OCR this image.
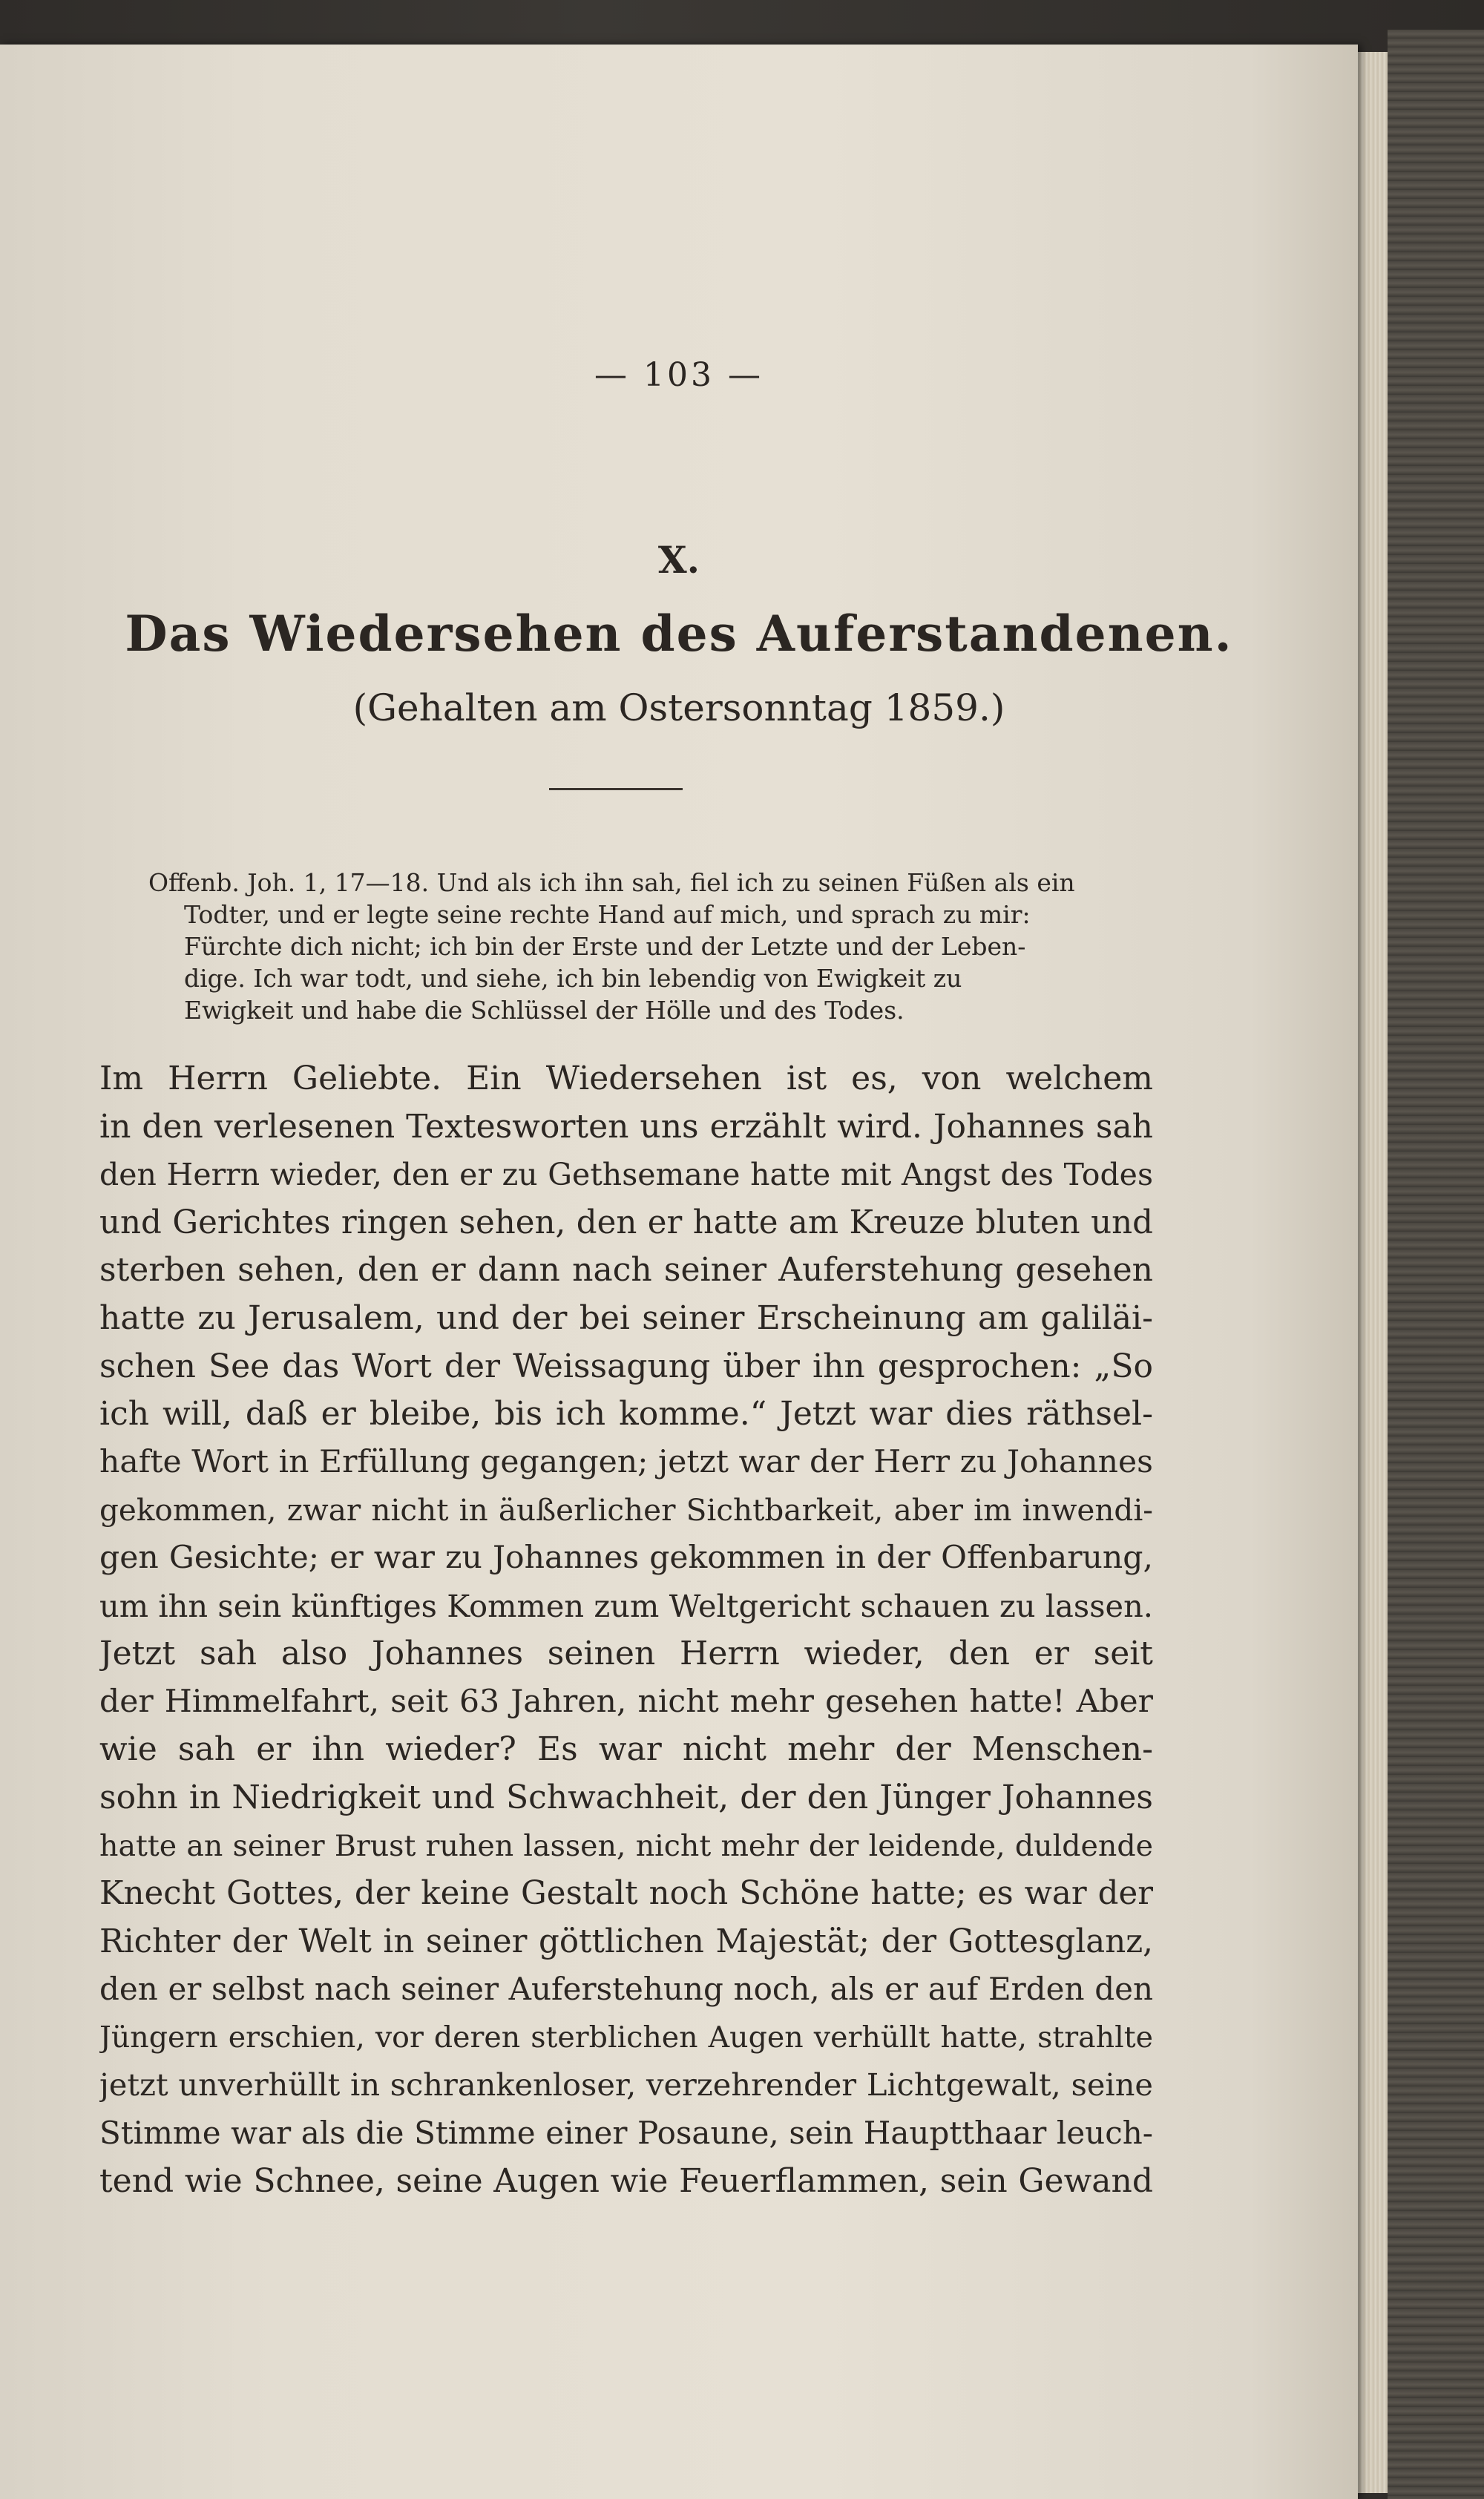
— 103 —
X.
Das Wiedersehen des Auferstandenen.
(Gehalten am Ostersonntag 1859.)
Offenb. Joh. 1, 17—18. Und als ich ihn sah, fiel ich zu seinen Füßen als ein
Todter, und er legte seine rechte Hand auf mich, und sprach zu mir:
Fürchte dich nicht; ich bin der Erste und der Letzte und der Leben-
dige. Ich war todt, und siehe, ich bin lebendig von Ewigkeit zu
Ewigkeit und habe die Schlüssel der Hölle und des Todes.
Im Herrn Geliebte. Ein Wiedersehen ist es, von welchem
in den verlesenen Textesworten uns erzählt wird. Johannes sah
den Herrn wieder, den er zu Gethsemane hatte mit Angst des Todes
und Gerichtes ringen sehen, den er hatte am Kreuze bluten und
sterben sehen, den er dann nach seiner Auferstehung gesehen
hatte zu Jerusalem, und der bei seiner Erscheinung am galiläi-
schen See das Wort der Weissagung über ihn gesprochen: „So
ich will, daß er bleibe, bis ich komme.“ Jetzt war dies räthsel-
hafte Wort in Erfüllung gegangen; jetzt war der Herr zu Johannes
gekommen, zwar nicht in äußerlicher Sichtbarkeit, aber im inwendi-
gen Gesichte; er war zu Johannes gekommen in der Offenbarung,
um ihn sein künftiges Kommen zum Weltgericht schauen zu lassen.
Jetzt sah also Johannes seinen Herrn wieder, den er seit
der Himmelfahrt, seit 63 Jahren, nicht mehr gesehen hatte! Aber
wie sah er ihn wieder? Es war nicht mehr der Menschen-
sohn in Niedrigkeit und Schwachheit, der den Jünger Johannes
hatte an seiner Brust ruhen lassen, nicht mehr der leidende, duldende
Knecht Gottes, der keine Gestalt noch Schöne hatte; es war der
Richter der Welt in seiner göttlichen Majestät; der Gottesglanz,
den er selbst nach seiner Auferstehung noch, als er auf Erden den
Jüngern erschien, vor deren sterblichen Augen verhüllt hatte, strahlte
jetzt unverhüllt in schrankenloser, verzehrender Lichtgewalt, seine
Stimme war als die Stimme einer Posaune, sein Hauptthaar leuch-
tend wie Schnee, seine Augen wie Feuerflammen, sein Gewand
